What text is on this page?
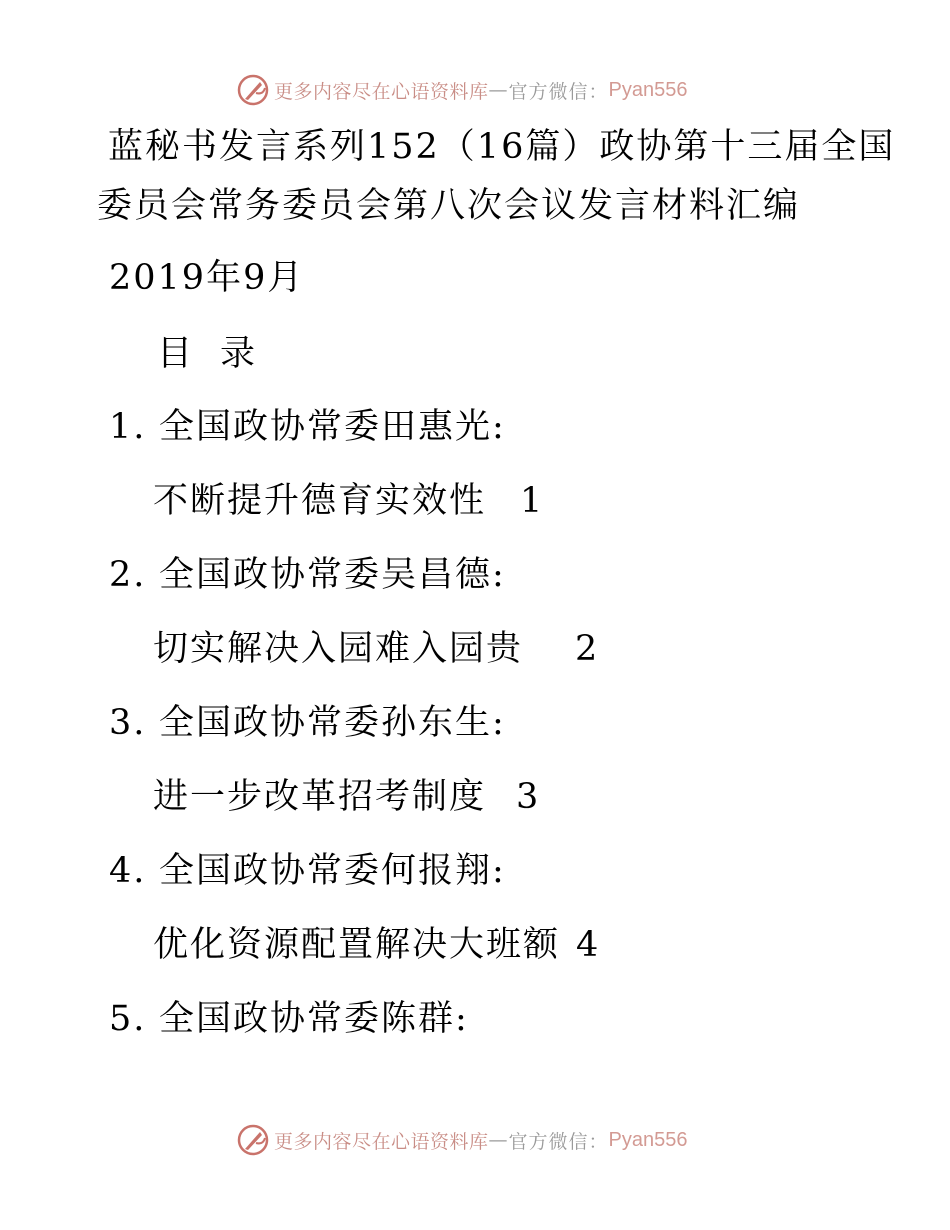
更多内容尽在心语资料库 — 官方微信： Pyan556
蓝秘书发言系列152（16篇）政协第十三届全国
委员会常务委员会第八次会议发言材料汇编
2019年9月
目 录
1. 全国政协常委田惠光:
不断提升德育实效性 1
2. 全国政协常委吴昌德:
切实解决入园难入园贵 2
3. 全国政协常委孙东生:
进一步改革招考制度 3
4. 全国政协常委何报翔:
优化资源配置解决大班额 4
5. 全国政协常委陈群:
更多内容尽在心语资料库 — 官方微信： Pyan556
